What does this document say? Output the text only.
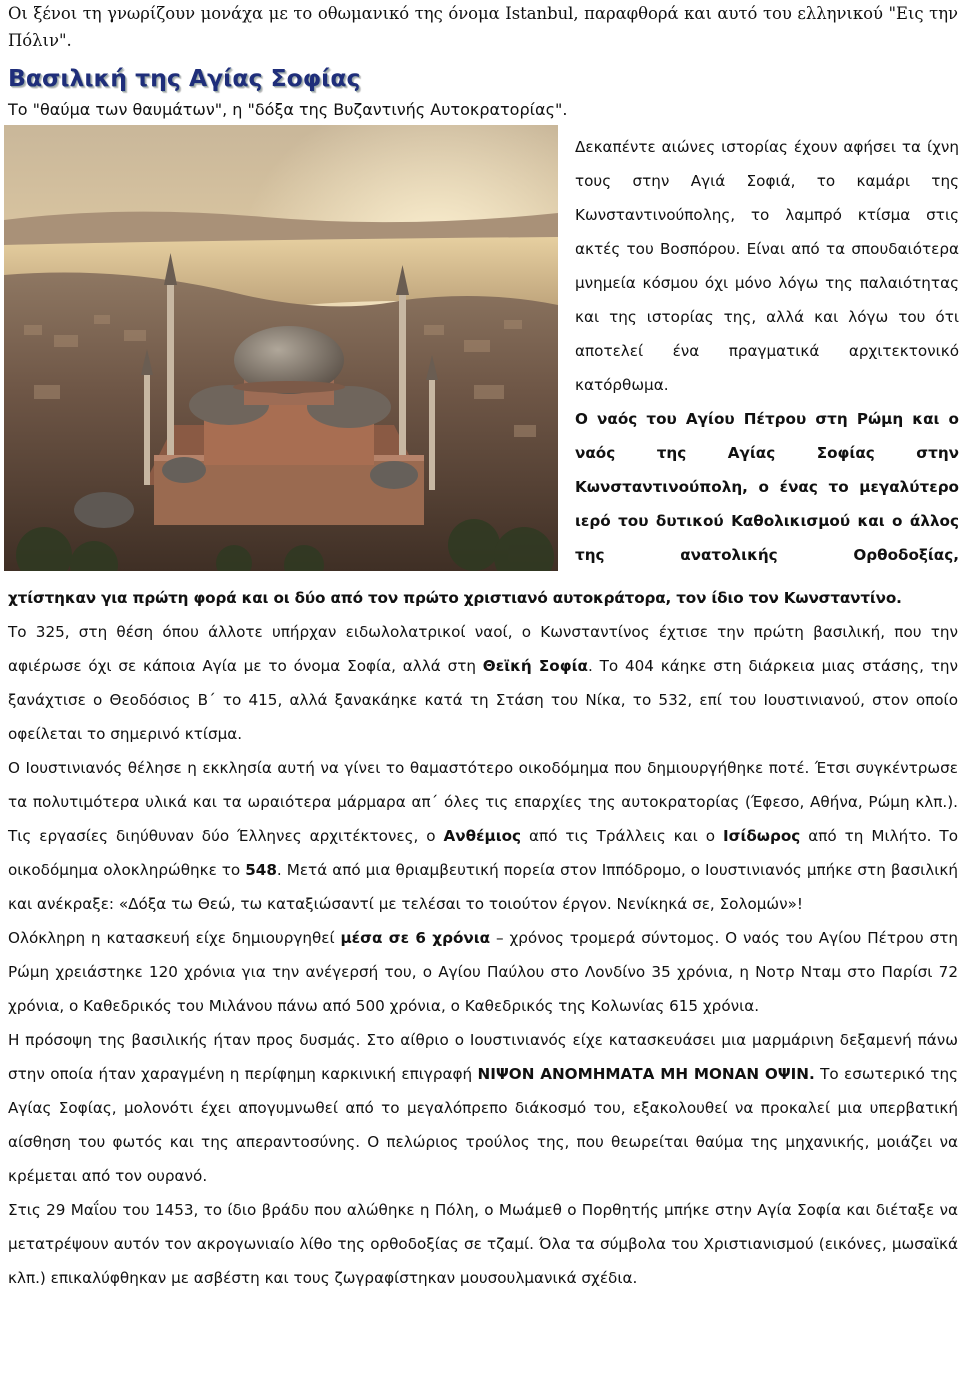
Οι ξένοι τη γνωρίζουν μονάχα με το οθωμανικό της όνομα Istanbul, παραφθορά και αυτό του ελληνικού "Εις την Πόλιν".
Βασιλική της Αγίας Σοφίας
Το "θαύμα των θαυμάτων", η "δόξα της Βυζαντινής Αυτοκρατορίας".

Δεκαπέντε αιώνες ιστορίας έχουν αφήσει τα ίχνη τους στην Αγιά Σοφιά, το καμάρι της Κωνσταντινούπολης, το λαμπρό κτίσμα στις ακτές του Βοσπόρου. Είναι από τα σπουδαιότερα μνημεία κόσμου όχι μόνο λόγω της παλαιότητας και της ιστορίας της, αλλά και λόγω του ότι αποτελεί ένα πραγματικά αρχιτεκτονικό κατόρθωμα.

Ο ναός του Αγίου Πέτρου στη Ρώμη και ο ναός της Αγίας Σοφίας στην Κωνσταντινούπολη, ο ένας το μεγαλύτερο ιερό του δυτικού Καθολικισμού και ο άλλος της ανατολικής Ορθοδοξίας,

χτίστηκαν για πρώτη φορά και οι δύο από τον πρώτο χριστιανό αυτοκράτορα, τον ίδιο τον Κωνσταντίνο.

Το 325, στη θέση όπου άλλοτε υπήρχαν ειδωλολατρικοί ναοί, ο Κωνσταντίνος έχτισε την πρώτη βασιλική, που την αφιέρωσε όχι σε κάποια Αγία με το όνομα Σοφία, αλλά στη Θεϊκή Σοφία. Το 404 κάηκε στη διάρκεια μιας στάσης, την ξανάχτισε ο Θεοδόσιος Β΄ το 415, αλλά ξανακάηκε κατά τη Στάση του Νίκα, το 532, επί του Ιουστινιανού, στον οποίο οφείλεται το σημερινό κτίσμα.

Ο Ιουστινιανός θέλησε η εκκλησία αυτή να γίνει το θαμαστότερο οικοδόμημα που δημιουργήθηκε ποτέ. Έτσι συγκέντρωσε τα πολυτιμότερα υλικά και τα ωραιότερα μάρμαρα απ΄ όλες τις επαρχίες της αυτοκρατορίας (Έφεσο, Αθήνα, Ρώμη κλπ.). Τις εργασίες διηύθυναν δύο Έλληνες αρχιτέκτονες, ο Ανθέμιος από τις Τράλλεις και ο Ισίδωρος από τη Μιλήτο. Το οικοδόμημα ολοκληρώθηκε το 548. Μετά από μια θριαμβευτική πορεία στον Ιππόδρομο, ο Ιουστινιανός μπήκε στη βασιλική και ανέκραξε: «Δόξα τω Θεώ, τω καταξιώσαντί με τελέσαι το τοιούτον έργον. Νενίκηκά σε, Σολομών»!

Ολόκληρη η κατασκευή είχε δημιουργηθεί μέσα σε 6 χρόνια – χρόνος τρομερά σύντομος. Ο ναός του Αγίου Πέτρου στη Ρώμη χρειάστηκε 120 χρόνια για την ανέγερσή του, ο Αγίου Παύλου στο Λονδίνο 35 χρόνια, η Νοτρ Νταμ στο Παρίσι 72 χρόνια, ο Καθεδρικός του Μιλάνου πάνω από 500 χρόνια, ο Καθεδρικός της Κολωνίας 615 χρόνια.

Η πρόσοψη της βασιλικής ήταν προς δυσμάς. Στο αίθριο ο Ιουστινιανός είχε κατασκευάσει μια μαρμάρινη δεξαμενή πάνω στην οποία ήταν χαραγμένη η περίφημη καρκινική επιγραφή ΝΙΨΟΝ ΑΝΟΜΗΜΑΤΑ ΜΗ ΜΟΝΑΝ ΟΨΙΝ. Το εσωτερικό της Αγίας Σοφίας, μολονότι έχει απογυμνωθεί από το μεγαλόπρεπο διάκοσμό του, εξακολουθεί να προκαλεί μια υπερβατική αίσθηση του φωτός και της απεραντοσύνης. Ο πελώριος τρούλος της, που θεωρείται θαύμα της μηχανικής, μοιάζει να κρέμεται από τον ουρανό.

Στις 29 Μαΐου του 1453, το ίδιο βράδυ που αλώθηκε η Πόλη, ο Μωάμεθ ο Πορθητής μπήκε στην Αγία Σοφία και διέταξε να μετατρέψουν αυτόν τον ακρογωνιαίο λίθο της ορθοδοξίας σε τζαμί. Όλα τα σύμβολα του Χριστιανισμού (εικόνες, μωσαϊκά κλπ.) επικαλύφθηκαν με ασβέστη και τους ζωγραφίστηκαν μουσουλμανικά σχέδια.
